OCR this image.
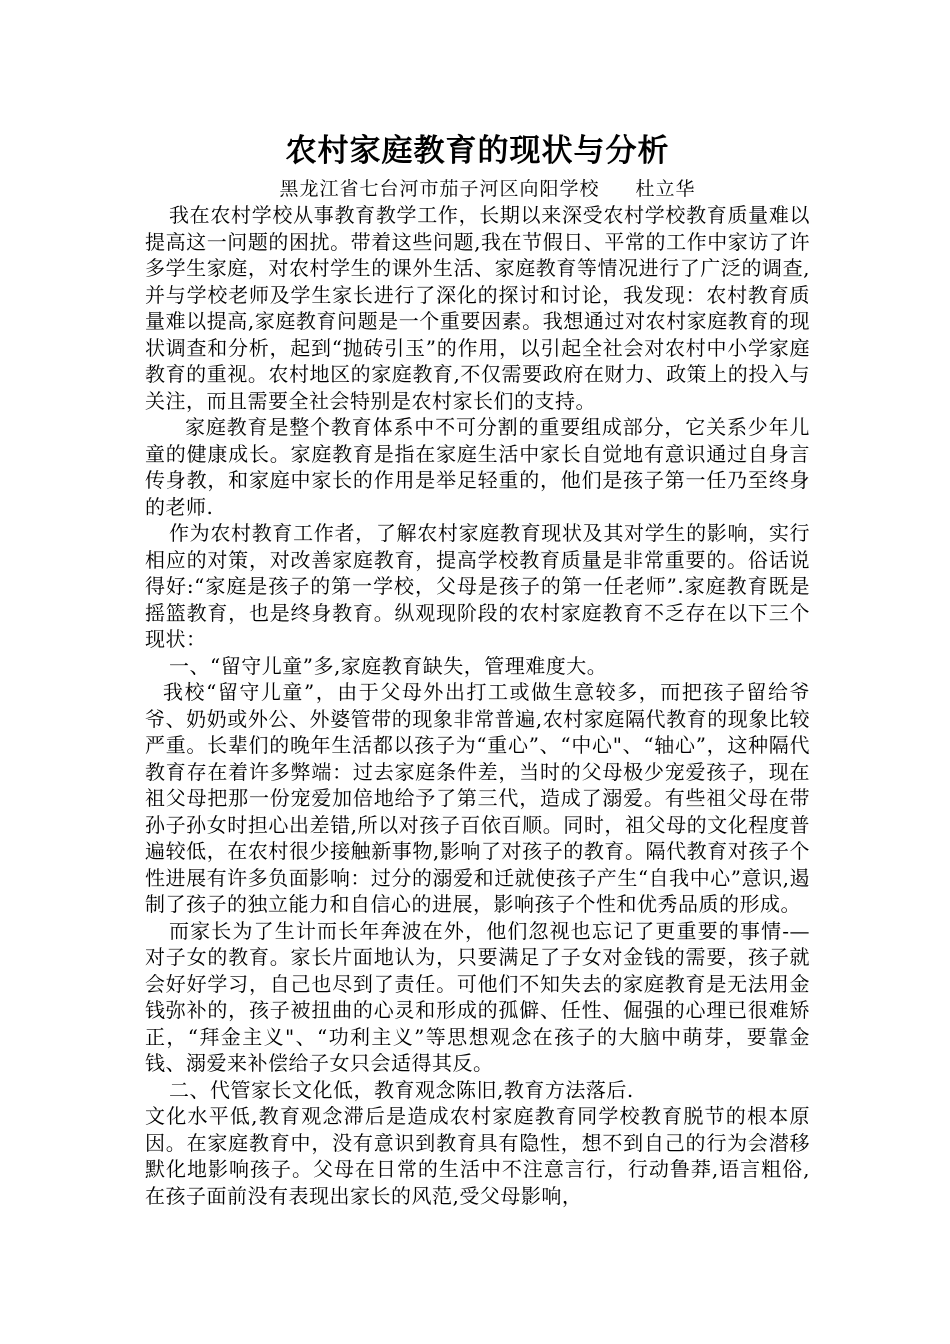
农村家庭教育的现状与分析

黑龙江省七台河市茄子河区向阳学校 杜立华

我在农村学校从事教育教学工作，长期以来深受农村学校教育质量难以提高这一问题的困扰。带着这些问题,我在节假日、平常的工作中家访了许多学生家庭，对农村学生的课外生活、家庭教育等情况进行了广泛的调查,并与学校老师及学生家长进行了深化的探讨和讨论，我发现：农村教育质量难以提高,家庭教育问题是一个重要因素。我想通过对农村家庭教育的现状调查和分析，起到“抛砖引玉”的作用，以引起全社会对农村中小学家庭教育的重视。农村地区的家庭教育,不仅需要政府在财力、政策上的投入与关注，而且需要全社会特别是农村家长们的支持。

家庭教育是整个教育体系中不可分割的重要组成部分，它关系少年儿童的健康成长。家庭教育是指在家庭生活中家长自觉地有意识通过自身言传身教，和家庭中家长的作用是举足轻重的，他们是孩子第一任乃至终身的老师.

作为农村教育工作者，了解农村家庭教育现状及其对学生的影响，实行相应的对策，对改善家庭教育，提高学校教育质量是非常重要的。俗话说得好:“家庭是孩子的第一学校，父母是孩子的第一任老师”.家庭教育既是摇篮教育，也是终身教育。纵观现阶段的农村家庭教育不乏存在以下三个现状：

一、“留守儿童”多,家庭教育缺失，管理难度大。

我校“留守儿童”，由于父母外出打工或做生意较多，而把孩子留给爷爷、奶奶或外公、外婆管带的现象非常普遍,农村家庭隔代教育的现象比较严重。长辈们的晚年生活都以孩子为“重心”、“中心"、“轴心”，这种隔代教育存在着许多弊端：过去家庭条件差，当时的父母极少宠爱孩子，现在祖父母把那一份宠爱加倍地给予了第三代，造成了溺爱。有些祖父母在带孙子孙女时担心出差错,所以对孩子百依百顺。同时，祖父母的文化程度普遍较低，在农村很少接触新事物,影响了对孩子的教育。隔代教育对孩子个性进展有许多负面影响：过分的溺爱和迁就使孩子产生“自我中心”意识,遏制了孩子的独立能力和自信心的进展，影响孩子个性和优秀品质的形成。

而家长为了生计而长年奔波在外，他们忽视也忘记了更重要的事情-—对子女的教育。家长片面地认为，只要满足了子女对金钱的需要，孩子就会好好学习，自己也尽到了责任。可他们不知失去的家庭教育是无法用金钱弥补的，孩子被扭曲的心灵和形成的孤僻、任性、倔强的心理已很难矫正，“拜金主义"、“功利主义”等思想观念在孩子的大脑中萌芽，要靠金钱、溺爱来补偿给子女只会适得其反。

二、代管家长文化低，教育观念陈旧,教育方法落后.

文化水平低,教育观念滞后是造成农村家庭教育同学校教育脱节的根本原因。在家庭教育中，没有意识到教育具有隐性，想不到自己的行为会潜移默化地影响孩子。父母在日常的生活中不注意言行，行动鲁莽,语言粗俗,在孩子面前没有表现出家长的风范,受父母影响，
